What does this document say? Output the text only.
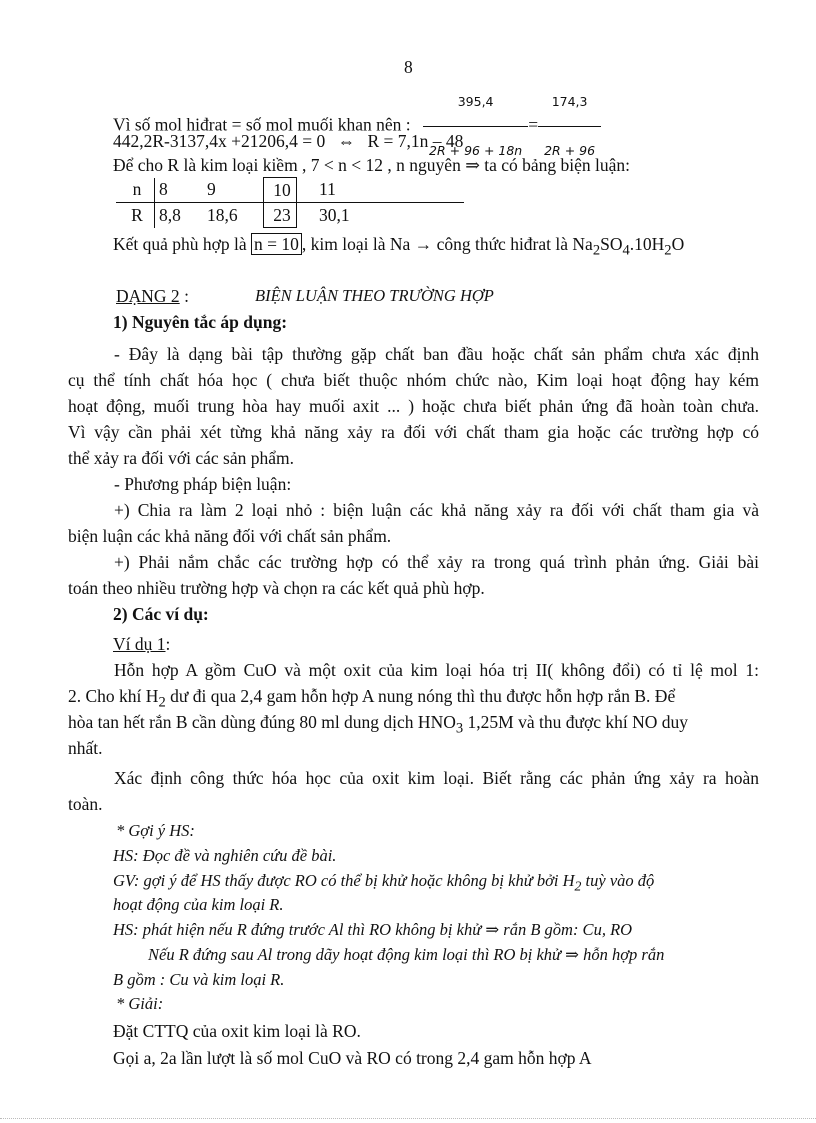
8
Vì số mol hiđrat = số mol muối khan nên : $\frac{395,4}{2R + 96 + 18n} = \frac{174,3}{2R + 96}$
442,2R-3137,4x +21206,4 = 0 ⇔ R = 7,1n – 48
Để cho R là kim loại kiềm , 7 < n < 12 , n nguyên ⇒ ta có bảng biện luận:
n	8	9	10	11
R	8,8	18,6	23	30,1
Kết quả phù hợp là n = 10 , kim loại là Na → công thức hiđrat là $Na_2SO_4.10H_2O$
DẠNG 2 :	BIỆN LUẬN THEO TRƯỜNG HỢP
1) Nguyên tắc áp dụng:
- Đây là dạng bài tập thường gặp chất ban đầu hoặc chất sản phẩm chưa xác định
cụ thể tính chất hóa học ( chưa biết thuộc nhóm chức nào, Kim loại hoạt động hay kém
hoạt động, muối trung hòa hay muối axit ... ) hoặc chưa biết phản ứng đã hoàn toàn chưa.
Vì vậy cần phải xét từng khả năng xảy ra đối với chất tham gia hoặc các trường hợp có
thể xảy ra đối với các sản phẩm.
- Phương pháp biện luận:
+) Chia ra làm 2 loại nhỏ : biện luận các khả năng xảy ra đối với chất tham gia và
biện luận các khả năng đối với chất sản phẩm.
+) Phải nắm chắc các trường hợp có thể xảy ra trong quá trình phản ứng. Giải bài
toán theo nhiều trường hợp và chọn ra các kết quả phù hợp.
2) Các ví dụ:
Ví dụ 1:
Hỗn hợp A gồm CuO và một oxit của kim loại hóa trị II( không đổi) có tỉ lệ mol 1:
2. Cho khí $H_2$ dư đi qua 2,4 gam hỗn hợp A nung nóng thì thu được hỗn hợp rắn B. Để
hòa tan hết rắn B cần dùng đúng 80 ml dung dịch $HNO_3$ 1,25M và thu được khí NO duy
nhất.
Xác định công thức hóa học của oxit kim loại. Biết rằng các phản ứng xảy ra hoàn
toàn.
* Gợi ý HS:
HS: Đọc đề và nghiên cứu đề bài.
GV: gợi ý để HS thấy được RO có thể bị khử hoặc không bị khử bởi $H_2$ tuỳ vào độ
hoạt động của kim loại R.
HS: phát hiện nếu R đứng trước Al thì RO không bị khử ⇒ rắn B gồm: Cu, RO
Nếu R đứng sau Al trong dãy hoạt động kim loại thì RO bị khử ⇒ hỗn hợp rắn
B gồm : Cu và kim loại R.
* Giải:
Đặt CTTQ của oxit kim loại là RO.
Gọi a, 2a lần lượt là số mol CuO và RO có trong 2,4 gam hỗn hợp A
